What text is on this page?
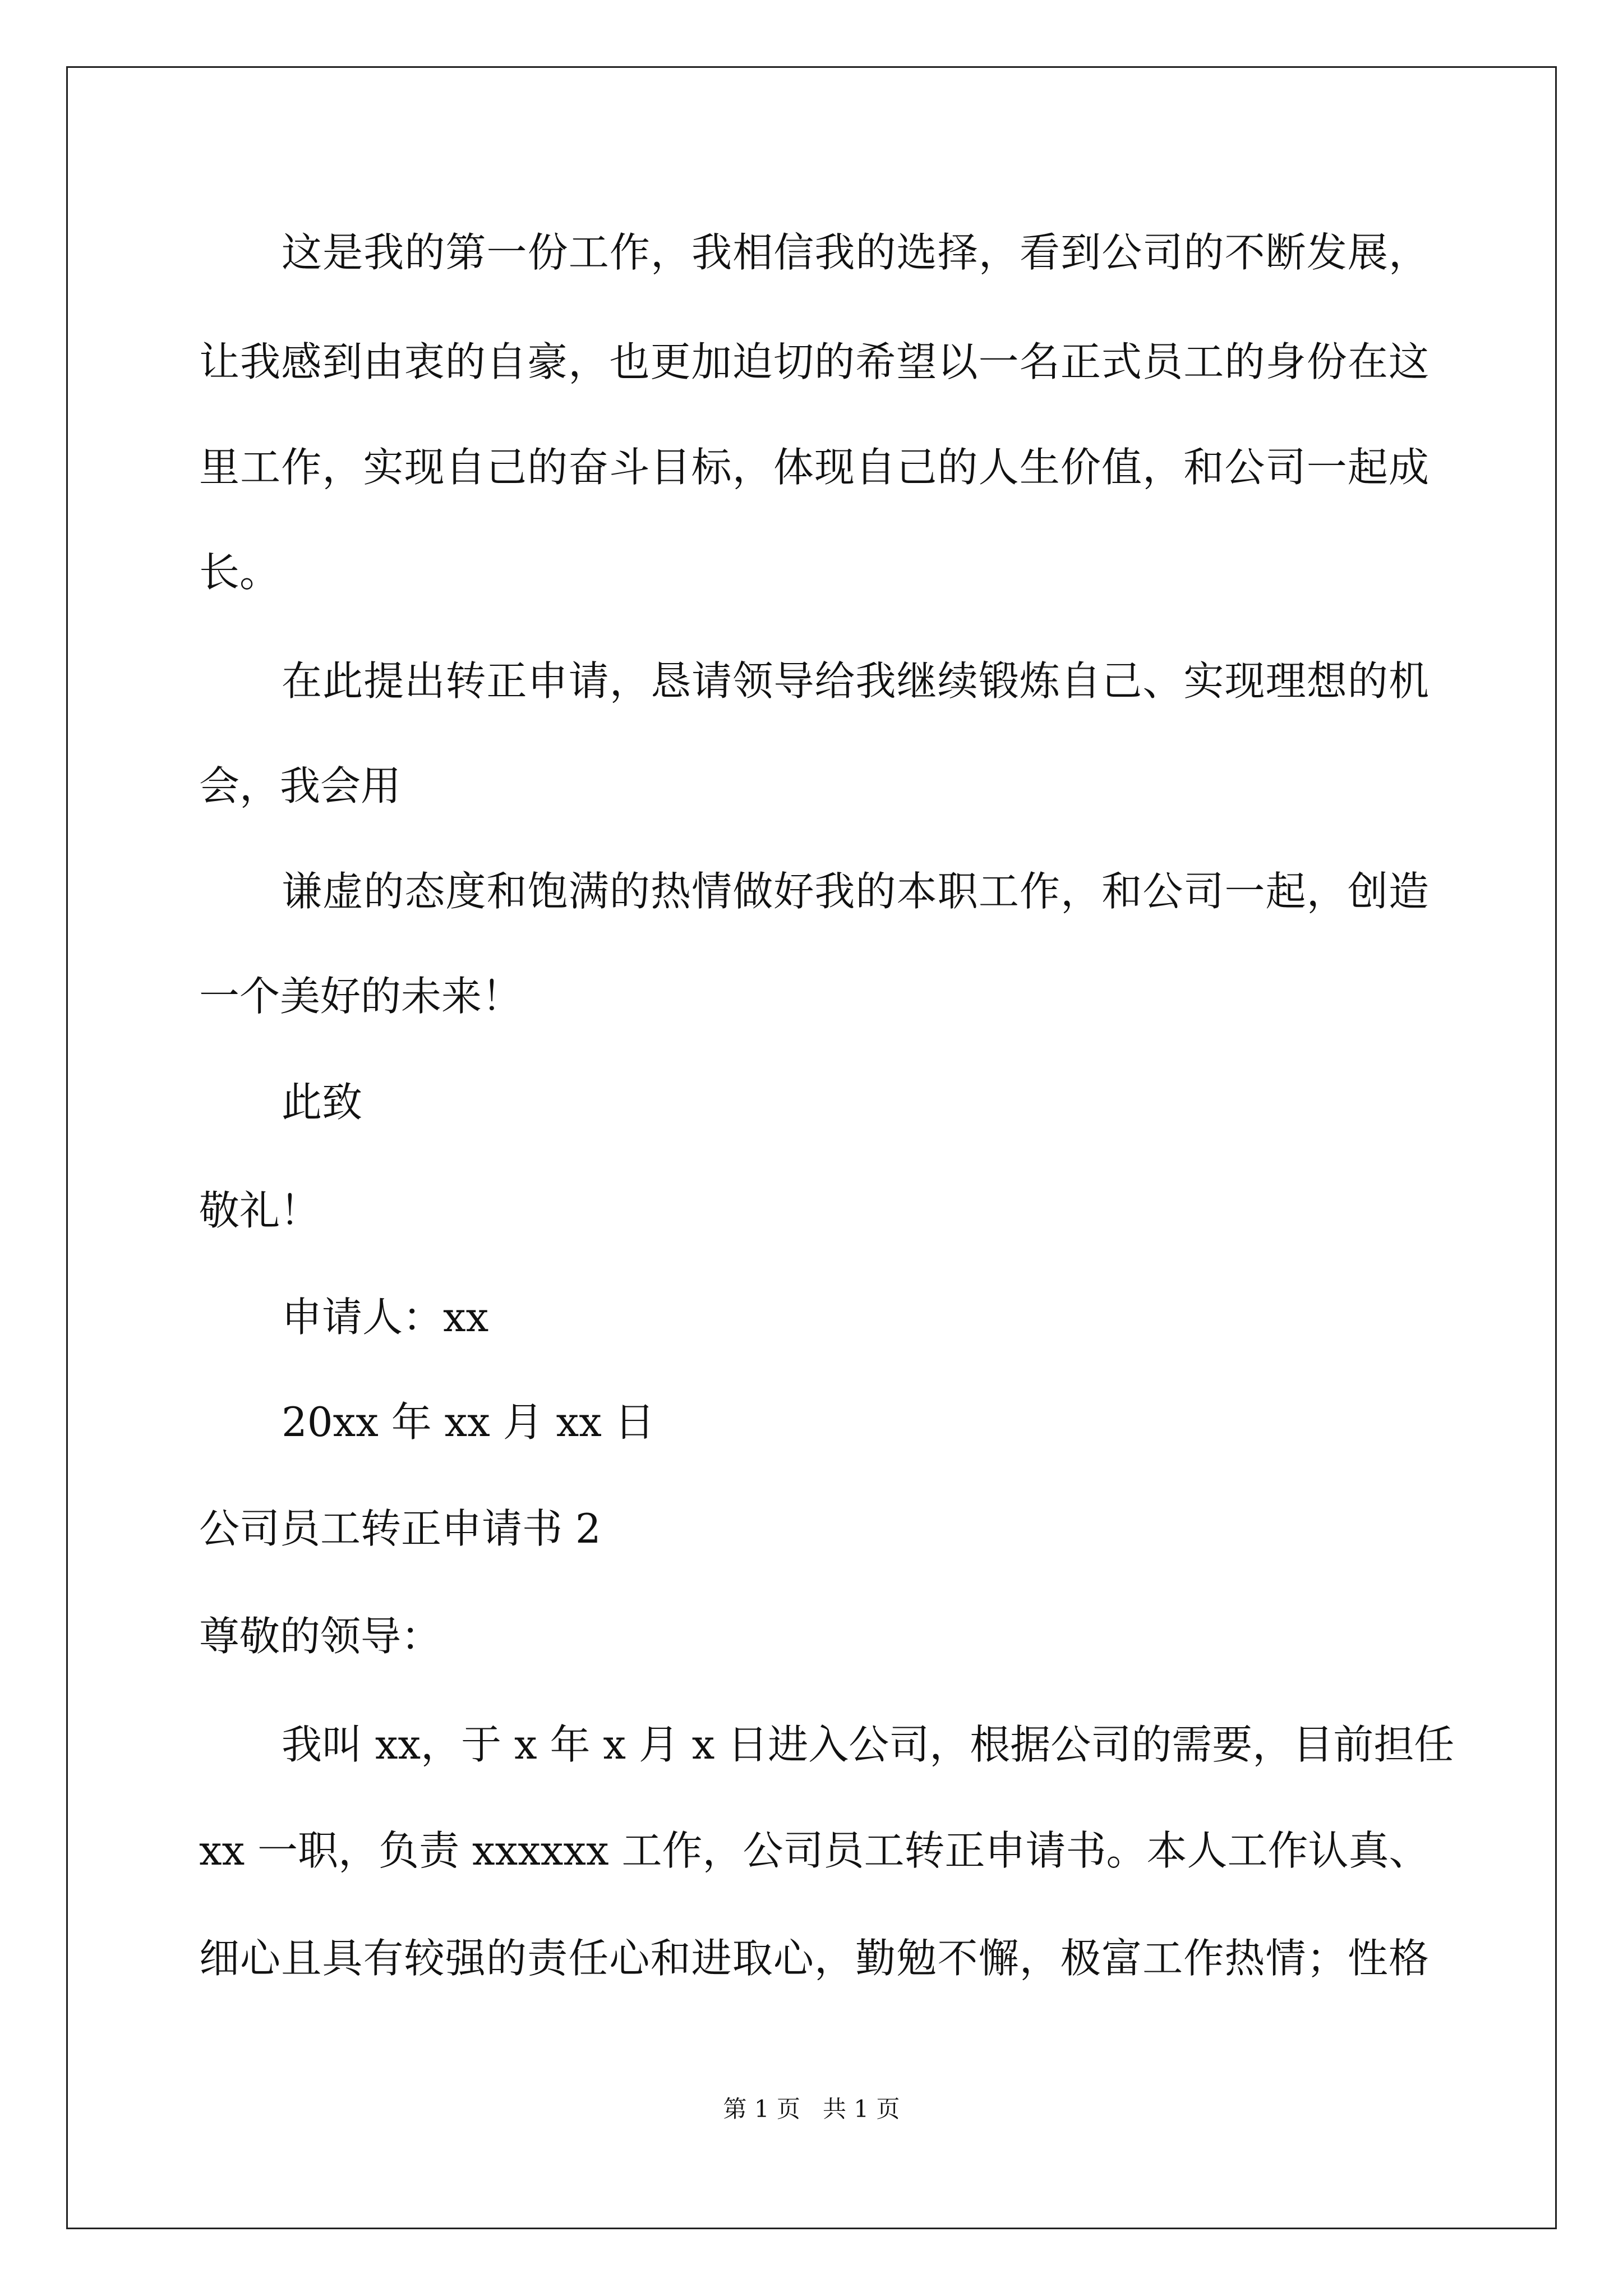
这是我的第一份工作，我相信我的选择，看到公司的不断发展，
让我感到由衷的自豪，也更加迫切的希望以一名正式员工的身份在这
里工作，实现自己的奋斗目标，体现自己的人生价值，和公司一起成
长。
在此提出转正申请，恳请领导给我继续锻炼自己、实现理想的机
会，我会用
谦虚的态度和饱满的热情做好我的本职工作，和公司一起，创造
一个美好的未来！
此致
敬礼！
申请人：xx
20xx 年 xx 月 xx 日
公司员工转正申请书 2
尊敬的领导：
我叫 xx，于 x 年 x 月 x 日进入公司，根据公司的需要，目前担任
xx 一职，负责 xxxxxx 工作，公司员工转正申请书。本人工作认真、
细心且具有较强的责任心和进取心，勤勉不懈，极富工作热情；性格
第 1 页   共 1 页
